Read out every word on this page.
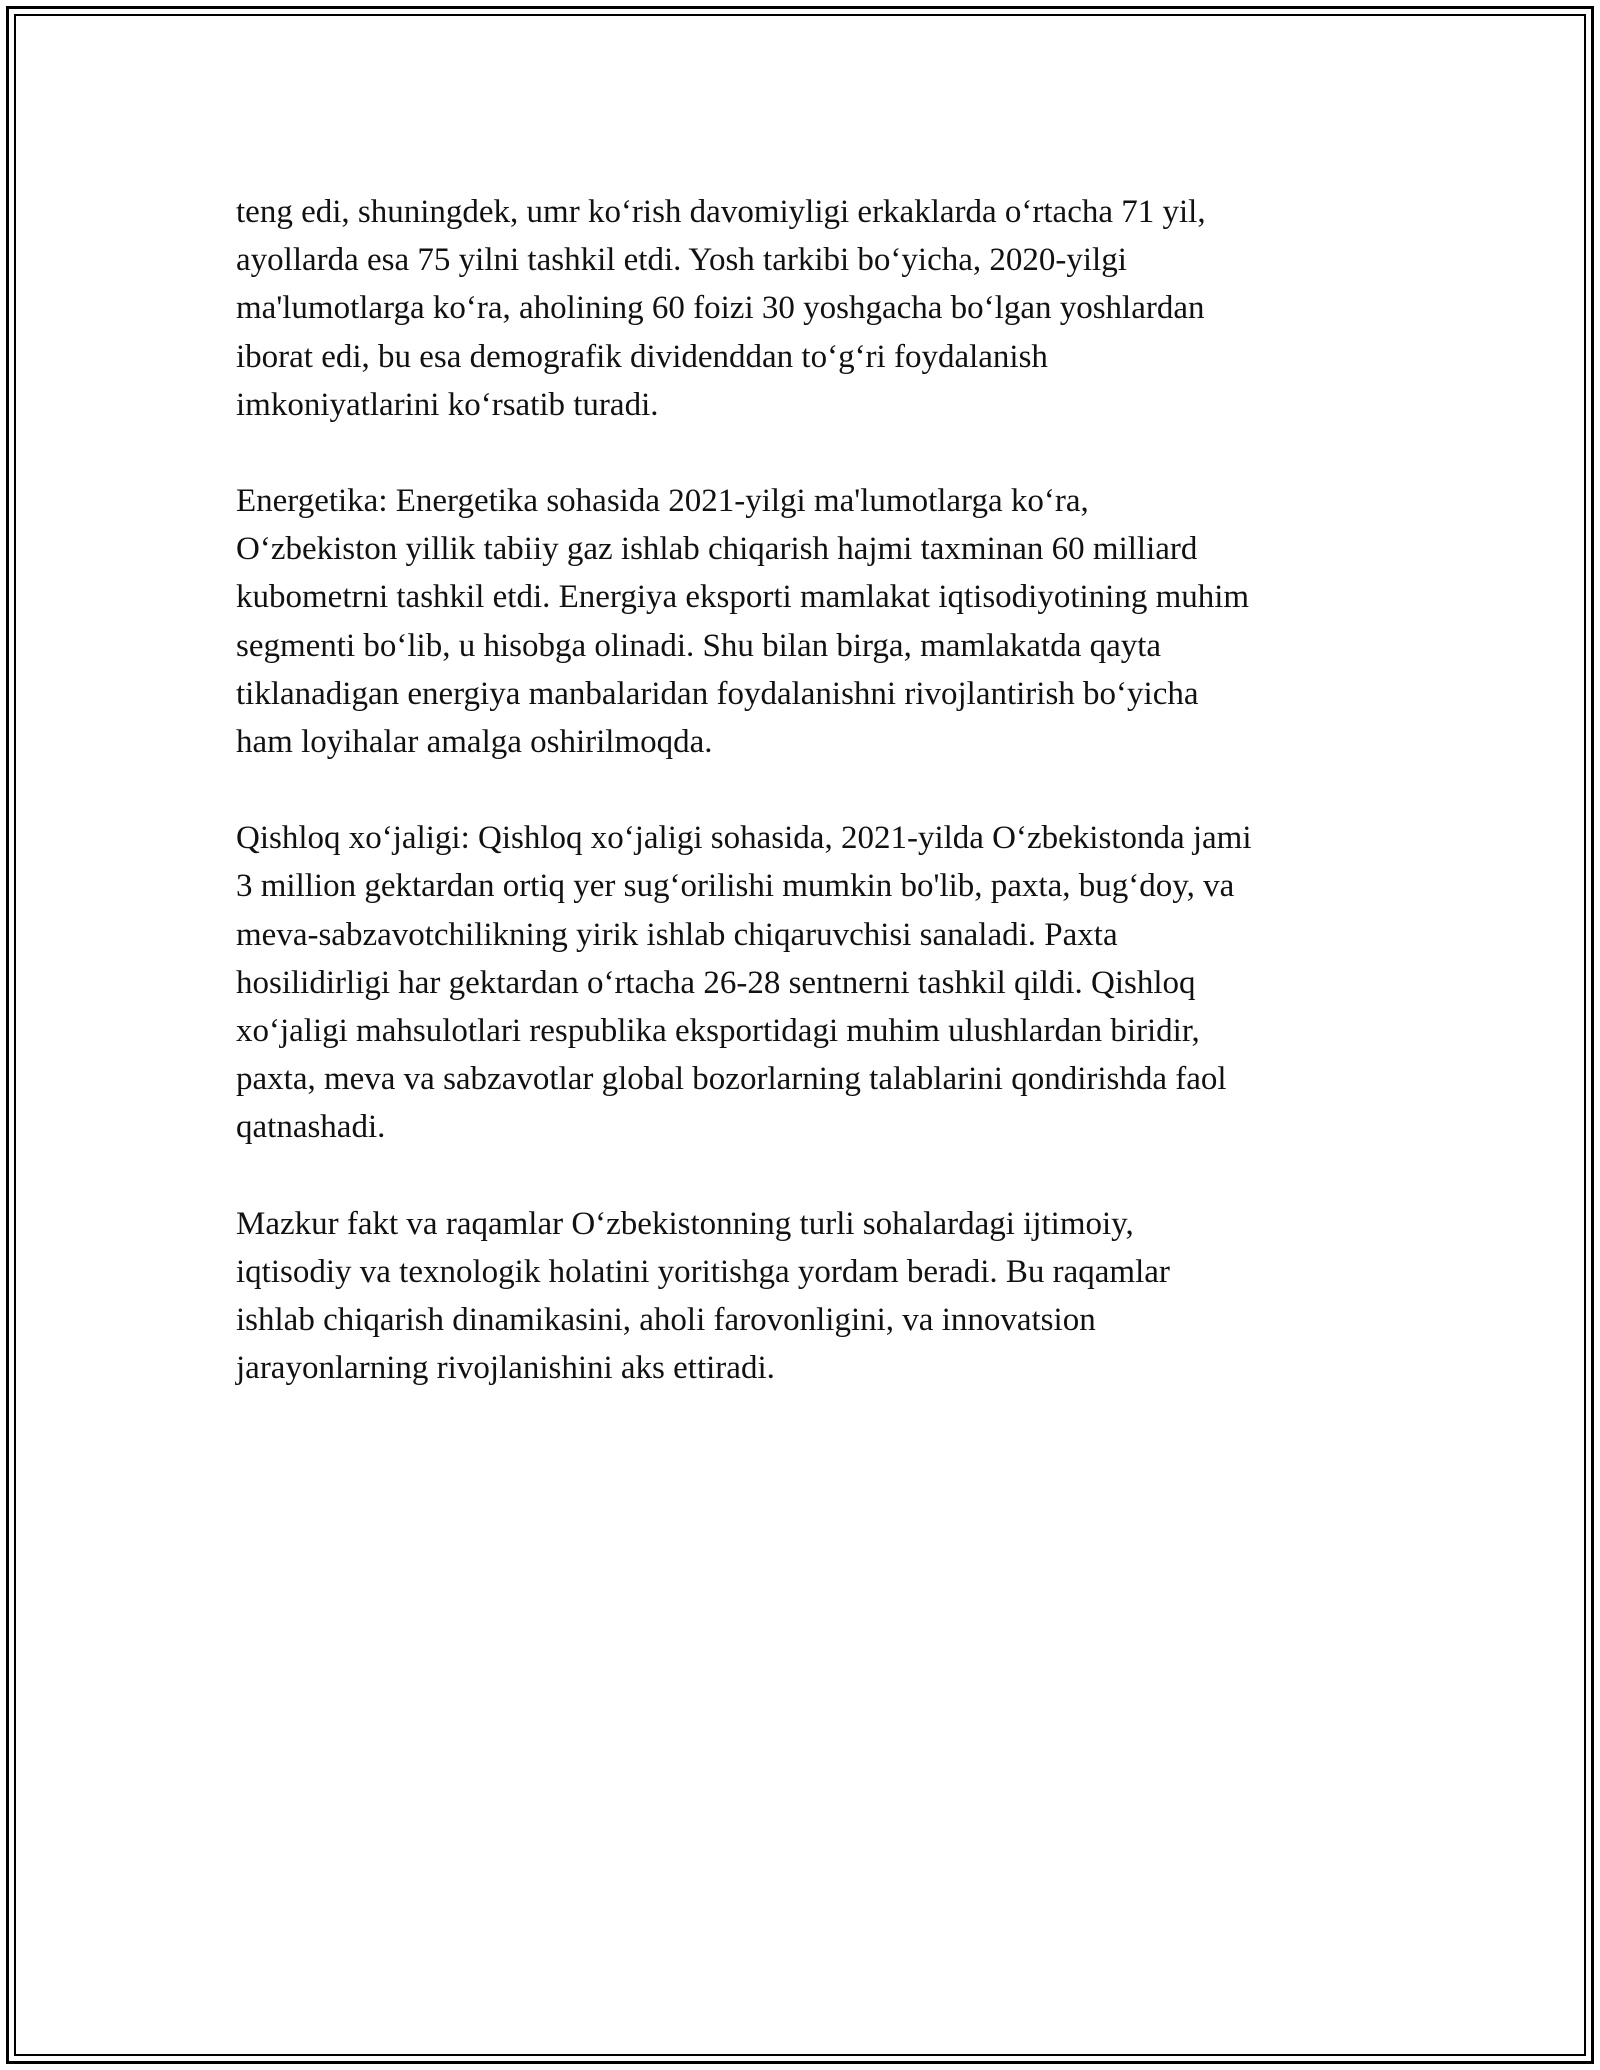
teng edi, shuningdek, umr ko‘rish davomiyligi erkaklarda o‘rtacha 71 yil,
ayollarda esa 75 yilni tashkil etdi. Yosh tarkibi bo‘yicha, 2020-yilgi
ma'lumotlarga ko‘ra, aholining 60 foizi 30 yoshgacha bo‘lgan yoshlardan
iborat edi, bu esa demografik dividenddan to‘g‘ri foydalanish
imkoniyatlarini ko‘rsatib turadi.

Energetika: Energetika sohasida 2021-yilgi ma'lumotlarga ko‘ra,
O‘zbekiston yillik tabiiy gaz ishlab chiqarish hajmi taxminan 60 milliard
kubometrni tashkil etdi. Energiya eksporti mamlakat iqtisodiyotining muhim
segmenti bo‘lib, u hisobga olinadi. Shu bilan birga, mamlakatda qayta
tiklanadigan energiya manbalaridan foydalanishni rivojlantirish bo‘yicha
ham loyihalar amalga oshirilmoqda.

Qishloq xo‘jaligi: Qishloq xo‘jaligi sohasida, 2021-yilda O‘zbekistonda jami
3 million gektardan ortiq yer sug‘orilishi mumkin bo'lib, paxta, bug‘doy, va
meva-sabzavotchilikning yirik ishlab chiqaruvchisi sanaladi. Paxta
hosilidirligi har gektardan o‘rtacha 26-28 sentnerni tashkil qildi. Qishloq
xo‘jaligi mahsulotlari respublika eksportidagi muhim ulushlardan biridir,
paxta, meva va sabzavotlar global bozorlarning talablarini qondirishda faol
qatnashadi.

Mazkur fakt va raqamlar O‘zbekistonning turli sohalardagi ijtimoiy,
iqtisodiy va texnologik holatini yoritishga yordam beradi. Bu raqamlar
ishlab chiqarish dinamikasini, aholi farovonligini, va innovatsion
jarayonlarning rivojlanishini aks ettiradi.
